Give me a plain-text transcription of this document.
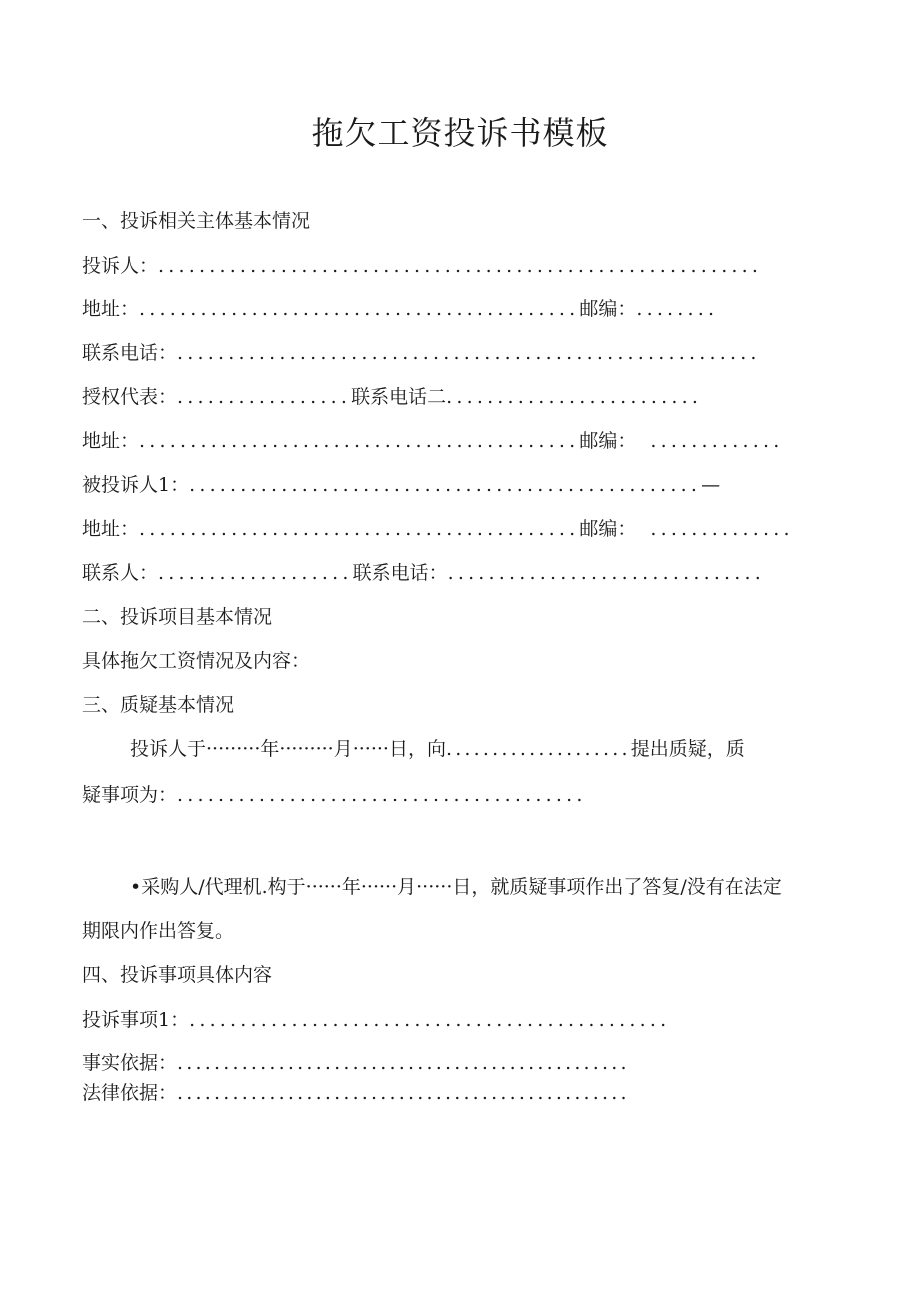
拖欠工资投诉书模板
一、投诉相关主体基本情况
投诉人：...........................................................
地址：...........................................邮编：........
联系电话：.........................................................
授权代表：.................联系电话二.........................
地址：...........................................邮编： .............
被投诉人1：..................................................—
地址：...........................................邮编： ..............
联系人：...................联系电话：...............................
二、投诉项目基本情况
具体拖欠工资情况及内容：
三、质疑基本情况
投诉人于·········年·········月······日，向....................提出质疑，质
疑事项为：........................................
•采购人/代理机.构于······年······月······日，就质疑事项作出了答复/没有在法定
期限内作出答复。
四、投诉事项具体内容
投诉事项1：...............................................
事实依据：.................................................
法律依据：.................................................
